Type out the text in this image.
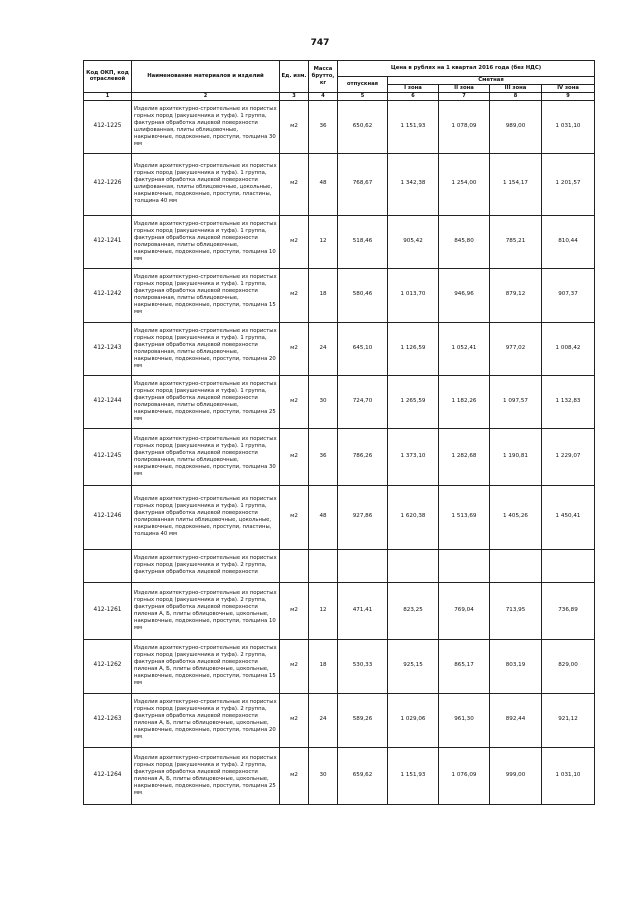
747
Код ОКП, код отраслевой	Наименование материалов и изделий	Ед. изм.	Масса брутто, кг	Цена в рублях на 1 квартал 2016 года (без НДС)				
				отпускная	Сметная			
					I зона	II зона	III зона	IV зона
1	2	3	4	5	6	7	8	9
412-1225	Изделия архитектурно-строительные из пористых горных пород (ракушечника и туфа). 1 группа, фактурная обработка лицевой поверхности шлифованная, плиты облицовочные, накрывочные, подоконные, проступи, толщина 30 мм	м2	36	650,62	1 151,93	1 078,09	989,00	1 031,10
412-1226	Изделия архитектурно-строительные из пористых горных пород (ракушечника и туфа). 1 группа, фактурная обработка лицевой поверхности шлифованная, плиты облицовочные, цокольные, накрывочные, подоконные, проступи, пластины, толщина 40 мм	м2	48	768,67	1 342,38	1 254,00	1 154,17	1 201,57
412-1241	Изделия архитектурно-строительные из пористых горных пород (ракушечника и туфа). 1 группа, фактурная обработка лицевой поверхности полированная, плиты облицовочные, накрывочные, подоконные, проступи, толщина 10 мм	м2	12	518,46	905,42	845,80	785,21	810,44
412-1242	Изделия архитектурно-строительные из пористых горных пород (ракушечника и туфа). 1 группа, фактурная обработка лицевой поверхности полированная, плиты облицовочные, накрывочные, подоконные, проступи, толщина 15 мм	м2	18	580,46	1 013,70	946,96	879,12	907,37
412-1243	Изделия архитектурно-строительные из пористых горных пород (ракушечника и туфа). 1 группа, фактурная обработка лицевой поверхности полированная, плиты облицовочные, накрывочные, подоконные, проступи, толщина 20 мм	м2	24	645,10	1 126,59	1 052,41	977,02	1 008,42
412-1244	Изделия архитектурно-строительные из пористых горных пород (ракушечника и туфа). 1 группа, фактурная обработка лицевой поверхности полированная, плиты облицовочные, накрывочные, подоконные, проступи, толщина 25 мм	м2	30	724,70	1 265,59	1 182,26	1 097,57	1 132,83
412-1245	Изделия архитектурно-строительные из пористых горных пород (ракушечника и туфа). 1 группа, фактурная обработка лицевой поверхности полированная, плиты облицовочные, накрывочные, подоконные, проступи, толщина 30 мм	м2	36	786,26	1 373,10	1 282,68	1 190,81	1 229,07
412-1246	Изделия архитектурно-строительные из пористых горных пород (ракушечника и туфа). 1 группа, фактурная обработка лицевой поверхности полированная плиты облицовочные, цокольные, накрывочные, подоконные, проступи, пластины, толщина 40 мм	м2	48	927,86	1 620,38	1 513,69	1 405,26	1 450,41
	Изделия архитектурно-строительные из пористых горных пород (ракушечника и туфа). 2 группа, фактурная обработка лицевой поверхности							
412-1261	Изделия архитектурно-строительные из пористых горных пород (ракушечника и туфа). 2 группа, фактурная обработка лицевой поверхности пиленая А, Б, плиты облицовочные, цокольные, накрывочные, подоконные, проступи, толщина 10 мм	м2	12	471,41	823,25	769,04	713,95	736,89
412-1262	Изделия архитектурно-строительные из пористых горных пород (ракушечника и туфа). 2 группа, фактурная обработка лицевой поверхности пиленая А, Б, плиты облицовочные, цокольные, накрывочные, подоконные, проступи, толщина 15 мм	м2	18	530,33	925,15	865,17	803,19	829,00
412-1263	Изделия архитектурно-строительные из пористых горных пород (ракушечника и туфа). 2 группа, фактурная обработка лицевой поверхности пиленая А, Б, плиты облицовочные, цокольные, накрывочные, подоконные, проступи, толщина 20 мм	м2	24	589,26	1 029,06	961,30	892,44	921,12
412-1264	Изделия архитектурно-строительные из пористых горных пород (ракушечника и туфа). 2 группа, фактурная обработка лицевой поверхности пиленая А, Б, плиты облицовочные, цокольные, накрывочные, подоконные, проступи, толщина 25 мм	м2	30	659,62	1 151,93	1 076,09	999,00	1 031,10
